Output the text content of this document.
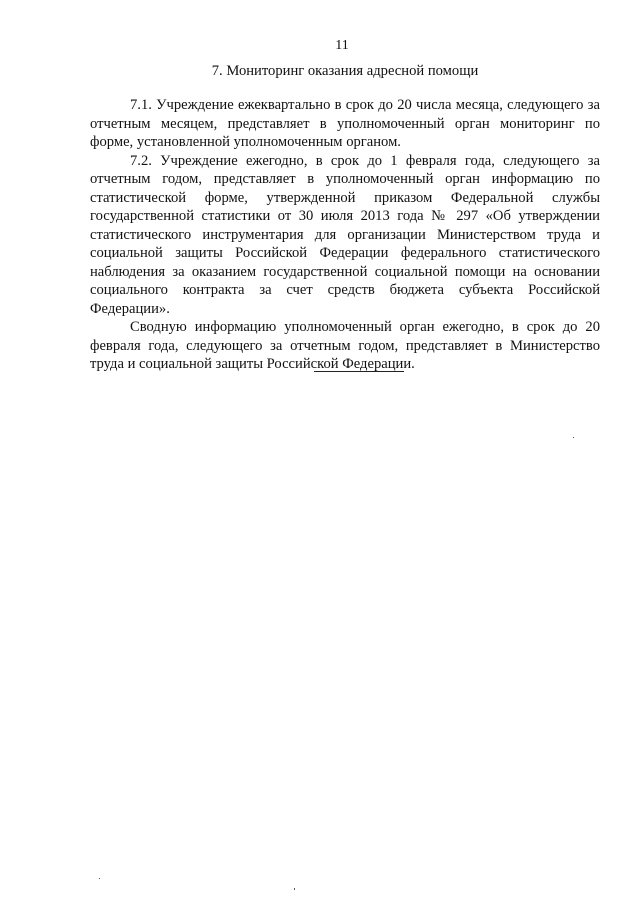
11
7. Мониторинг оказания адресной помощи

7.1. Учреждение ежеквартально в срок до 20 числа месяца, следующего за отчетным месяцем, представляет в уполномоченный орган мониторинг по форме, установленной уполномоченным органом.

7.2. Учреждение ежегодно, в срок до 1 февраля года, следующего за отчетным годом, представляет в уполномоченный орган информацию по статистической форме, утвержденной приказом Федеральной службы государственной статистики от 30 июля 2013 года № 297 «Об утверждении статистического инструментария для организации Министерством труда и социальной защиты Российской Федерации федерального статистического наблюдения за оказанием государственной социальной помощи на основании социального контракта за счет средств бюджета субъекта Российской Федерации».

Сводную информацию уполномоченный орган ежегодно, в срок до 20 февраля года, следующего за отчетным годом, представляет в Министерство труда и социальной защиты Российской Федерации.
